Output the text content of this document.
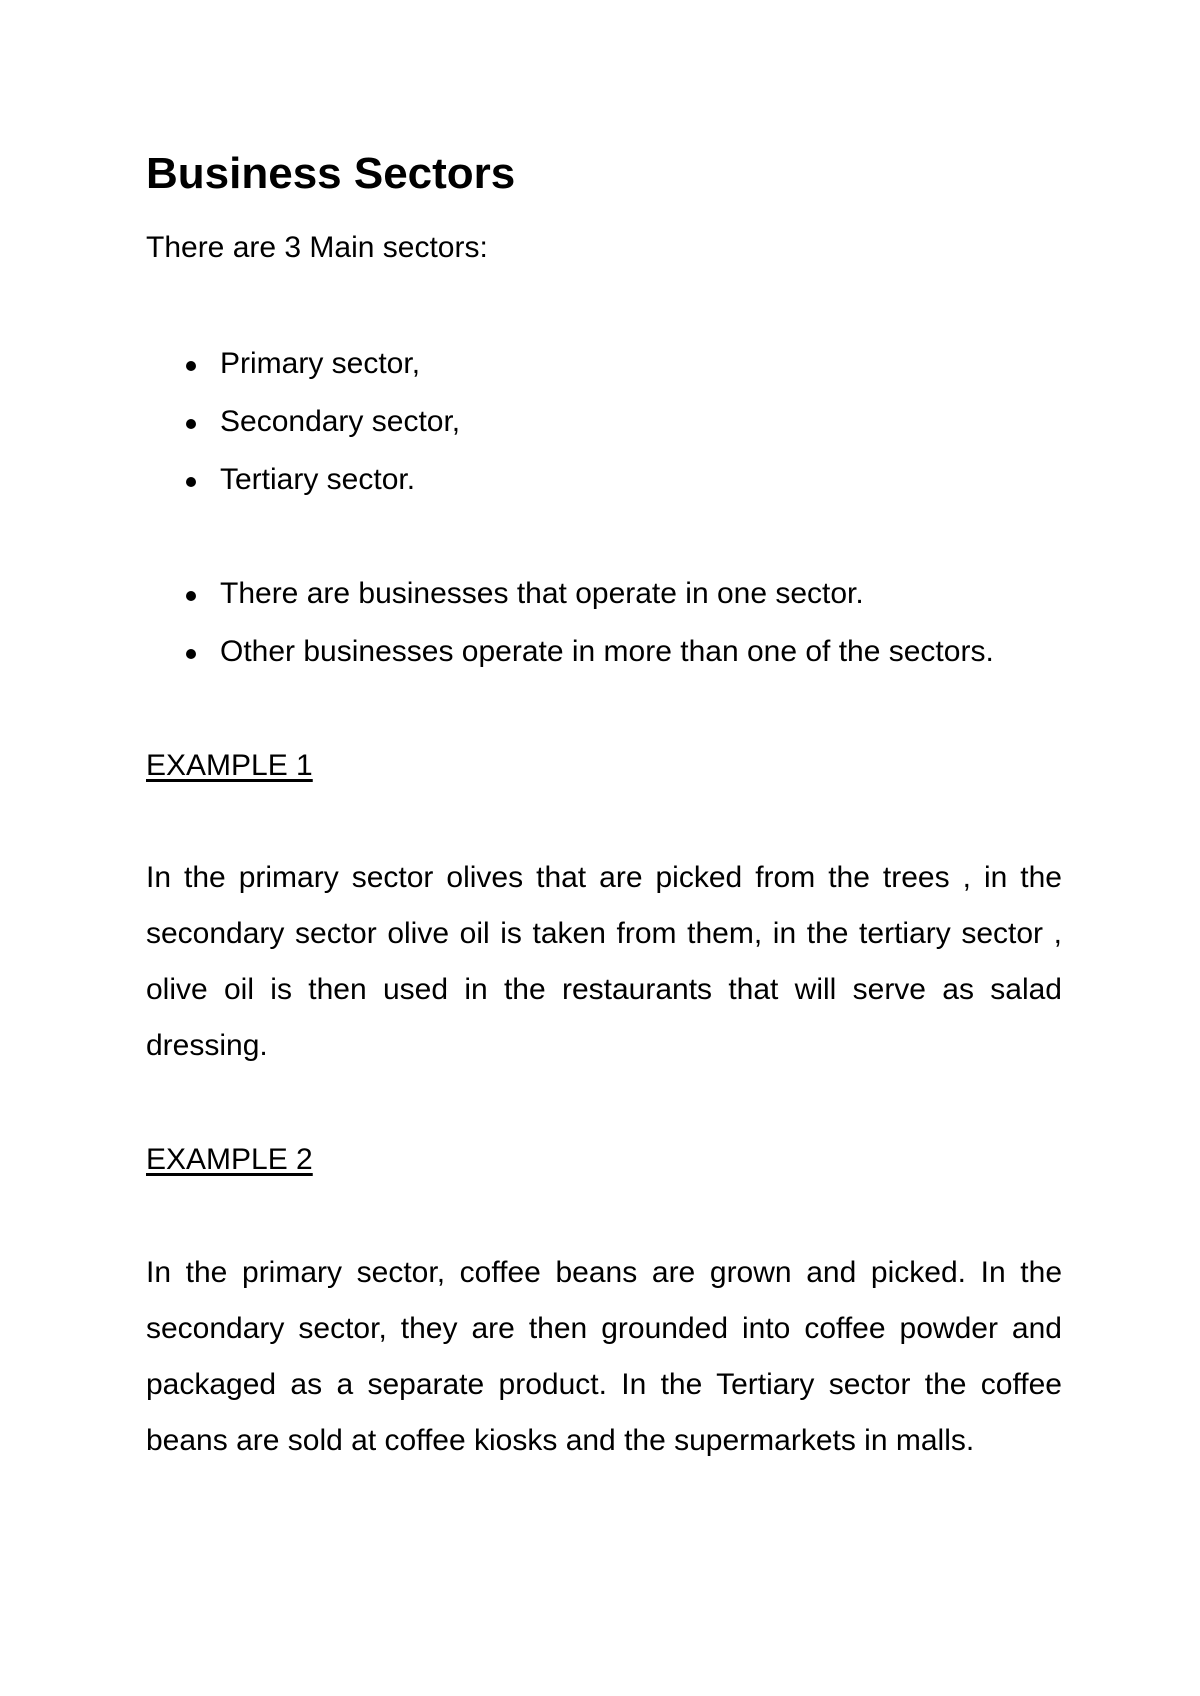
Business Sectors

There are 3 Main sectors:

Primary sector,
Secondary sector,
Tertiary sector.
There are businesses that operate in one sector.
Other businesses operate in more than one of the sectors.
EXAMPLE 1

In the primary sector olives that are picked from the trees , in the secondary sector olive oil is taken from them, in the tertiary sector , olive oil is then used in the restaurants that will serve as salad dressing.

EXAMPLE 2

In the primary sector, coffee beans are grown and picked. In the secondary sector, they are then grounded into coffee powder and packaged as a separate product. In the Tertiary sector the coffee beans are sold at coffee kiosks and the supermarkets in malls.
